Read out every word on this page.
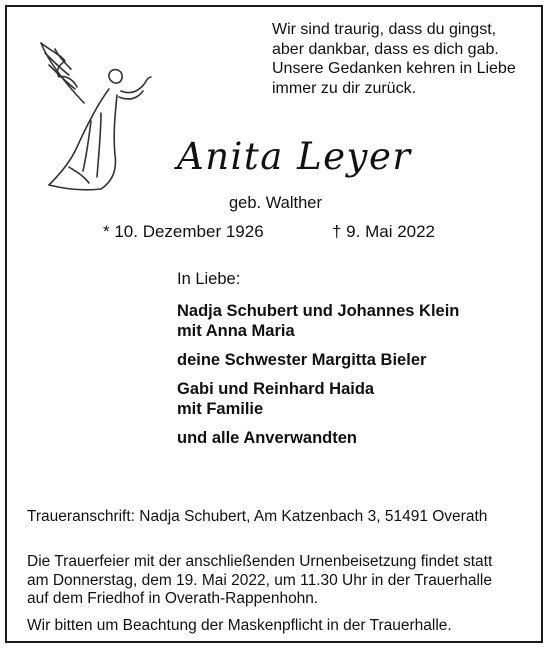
Wir sind traurig, dass du gingst,
aber dankbar, dass es dich gab.
Unsere Gedanken kehren in Liebe
immer zu dir zurück.
Anita Leyer
geb. Walther
* 10. Dezember 1926	† 9. Mai 2022
In Liebe:
Nadja Schubert und Johannes Klein
mit Anna Maria
deine Schwester Margitta Bieler
Gabi und Reinhard Haida
mit Familie
und alle Anverwandten
Traueranschrift: Nadja Schubert, Am Katzenbach 3, 51491 Overath
Die Trauerfeier mit der anschließenden Urnenbeisetzung findet statt
am Donnerstag, dem 19. Mai 2022, um 11.30 Uhr in der Trauerhalle
auf dem Friedhof in Overath-Rappenhohn.
Wir bitten um Beachtung der Maskenpflicht in der Trauerhalle.
